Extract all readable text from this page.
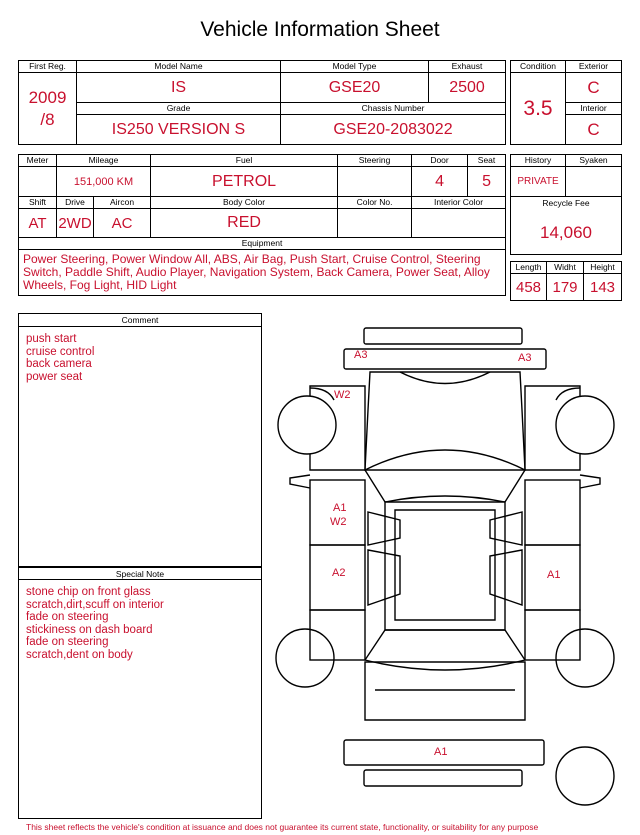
Vehicle Information Sheet
First Reg.	Model Name	Model Type	Exhaust

2009
/8	IS	GSE20	2500
	Grade	Chassis Number	
	IS250 VERSION S	GSE20-2083022	
Condition	Exterior
3.5	C
	Interior
	C
Meter	Mileage		Fuel	Steering	Door	Seat
	151,000 KM		PETROL		4	5
Shift	Drive	Aircon	Body Color	Color No.	Interior Color	
AT	2WD	AC	RED			
Equipment						
Power Steering, Power Window All, ABS, Air Bag, Push Start, Cruise Control, Steering Switch, Paddle Shift, Audio Player, Navigation System, Back Camera, Power Seat, Alloy Wheels, Fog Light, HID Light						
History	Syaken
PRIVATE	

Recycle Fee
14,060	
Length	Widht	Height
458	179	143
Comment
push start
cruise control
back camera
power seat
Special Note
stone chip on front glass
scratch,dirt,scuff on interior
fade on steering
stickiness on dash board
fade on steering
scratch,dent on body
A3	A3
W2
A1
W2
A2	A1
A1
This sheet reflects the vehicle's condition at issuance and does not guarantee its current state, functionality, or suitability for any purpose
